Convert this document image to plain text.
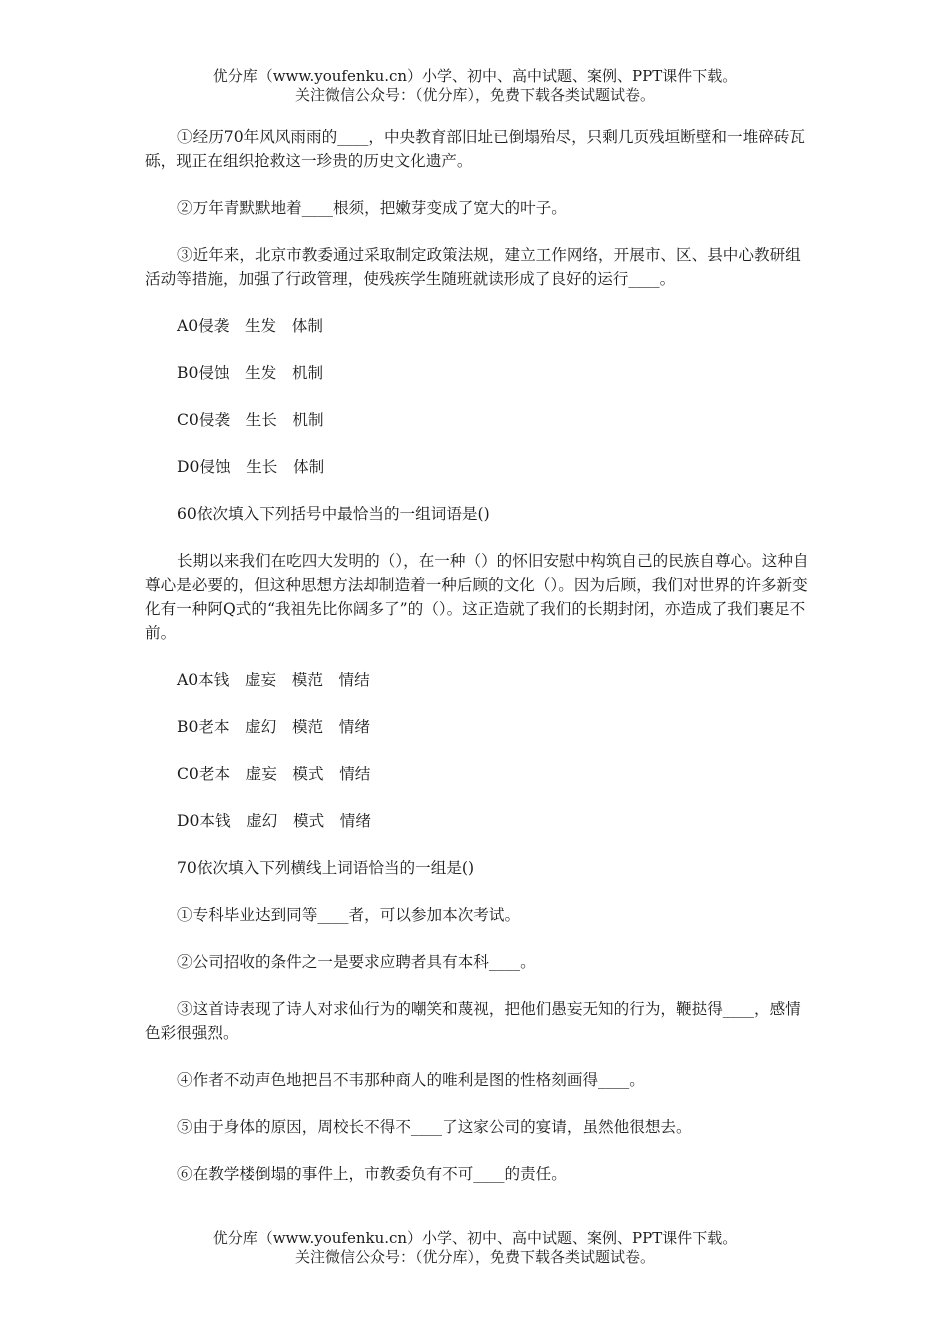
优分库（www.youfenku.cn）小学、初中、高中试题、案例、PPT课件下载。
关注微信公众号：（优分库），免费下载各类试题试卷。

①经历70年风风雨雨的____，中央教育部旧址已倒塌殆尽，只剩几页残垣断壁和一堆碎砖瓦砾，现正在组织抢救这一珍贵的历史文化遗产。

②万年青默默地着____根须，把嫩芽变成了宽大的叶子。

③近年来，北京市教委通过采取制定政策法规，建立工作网络，开展市、区、县中心教研组活动等措施，加强了行政管理，使残疾学生随班就读形成了良好的运行____。

A0侵袭　生发　体制

B0侵蚀　生发　机制

C0侵袭　生长　机制

D0侵蚀　生长　体制

60依次填入下列括号中最恰当的一组词语是()

长期以来我们在吃四大发明的（），在一种（）的怀旧安慰中构筑自己的民族自尊心。这种自尊心是必要的，但这种思想方法却制造着一种后顾的文化（）。因为后顾，我们对世界的许多新变化有一种阿Q式的“我祖先比你阔多了”的（）。这正造就了我们的长期封闭，亦造成了我们裹足不前。

A0本钱　虚妄　模范　情结

B0老本　虚幻　模范　情绪

C0老本　虚妄　模式　情结

D0本钱　虚幻　模式　情绪

70依次填入下列横线上词语恰当的一组是()

①专科毕业达到同等____者，可以参加本次考试。

②公司招收的条件之一是要求应聘者具有本科____。

③这首诗表现了诗人对求仙行为的嘲笑和蔑视，把他们愚妄无知的行为，鞭挞得____，感情色彩很强烈。

④作者不动声色地把吕不韦那种商人的唯利是图的性格刻画得____。

⑤由于身体的原因，周校长不得不____了这家公司的宴请，虽然他很想去。

⑥在教学楼倒塌的事件上，市教委负有不可____的责任。

优分库（www.youfenku.cn）小学、初中、高中试题、案例、PPT课件下载。
关注微信公众号：（优分库），免费下载各类试题试卷。
